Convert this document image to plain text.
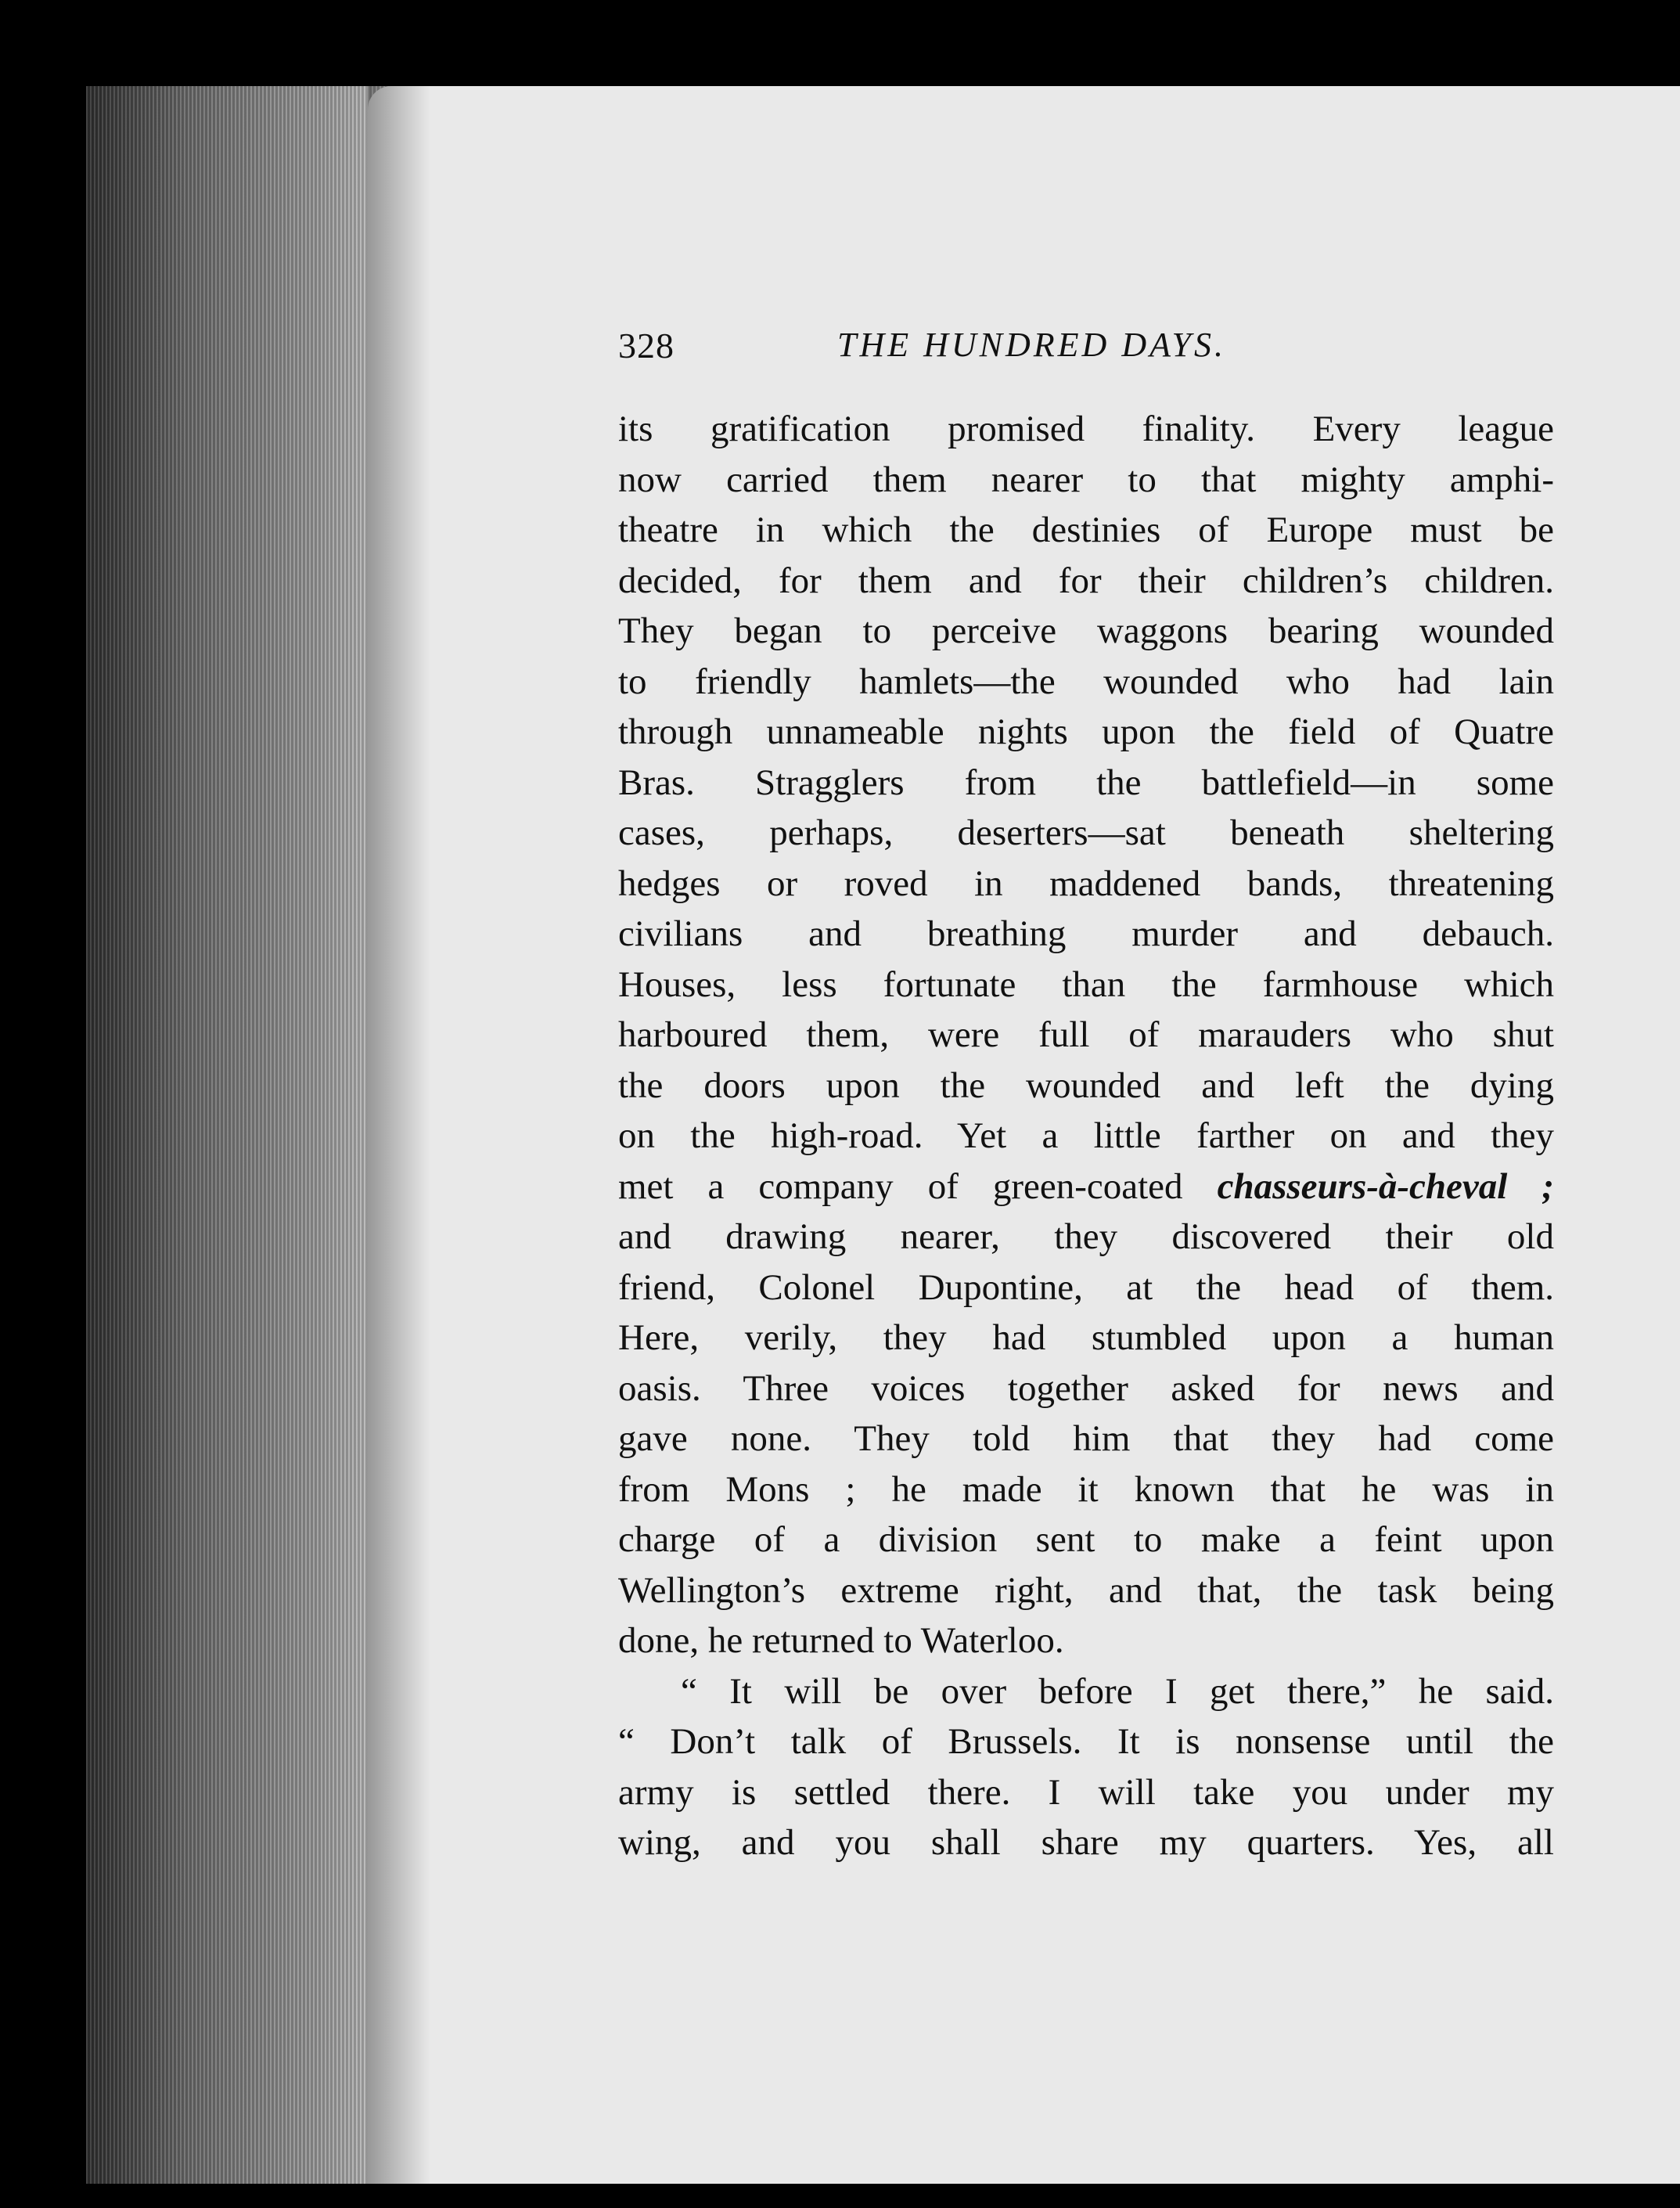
328	THE HUNDRED DAYS.
its gratification promised finality. Every league
now carried them nearer to that mighty amphi-
theatre in which the destinies of Europe must be
decided, for them and for their children’s children.
They began to perceive waggons bearing wounded
to friendly hamlets—the wounded who had lain
through unnameable nights upon the field of Quatre
Bras. Stragglers from the battlefield—in some
cases, perhaps, deserters—sat beneath sheltering
hedges or roved in maddened bands, threatening
civilians and breathing murder and debauch.
Houses, less fortunate than the farmhouse which
harboured them, were full of marauders who shut
the doors upon the wounded and left the dying
on the high-road. Yet a little farther on and they
met a company of green-coated chasseurs-à-cheval ;
and drawing nearer, they discovered their old
friend, Colonel Dupontine, at the head of them.
Here, verily, they had stumbled upon a human
oasis. Three voices together asked for news and
gave none. They told him that they had come
from Mons ; he made it known that he was in
charge of a division sent to make a feint upon
Wellington’s extreme right, and that, the task being
done, he returned to Waterloo.
“ It will be over before I get there,” he said.
“ Don’t talk of Brussels. It is nonsense until the
army is settled there. I will take you under my
wing, and you shall share my quarters. Yes, all
